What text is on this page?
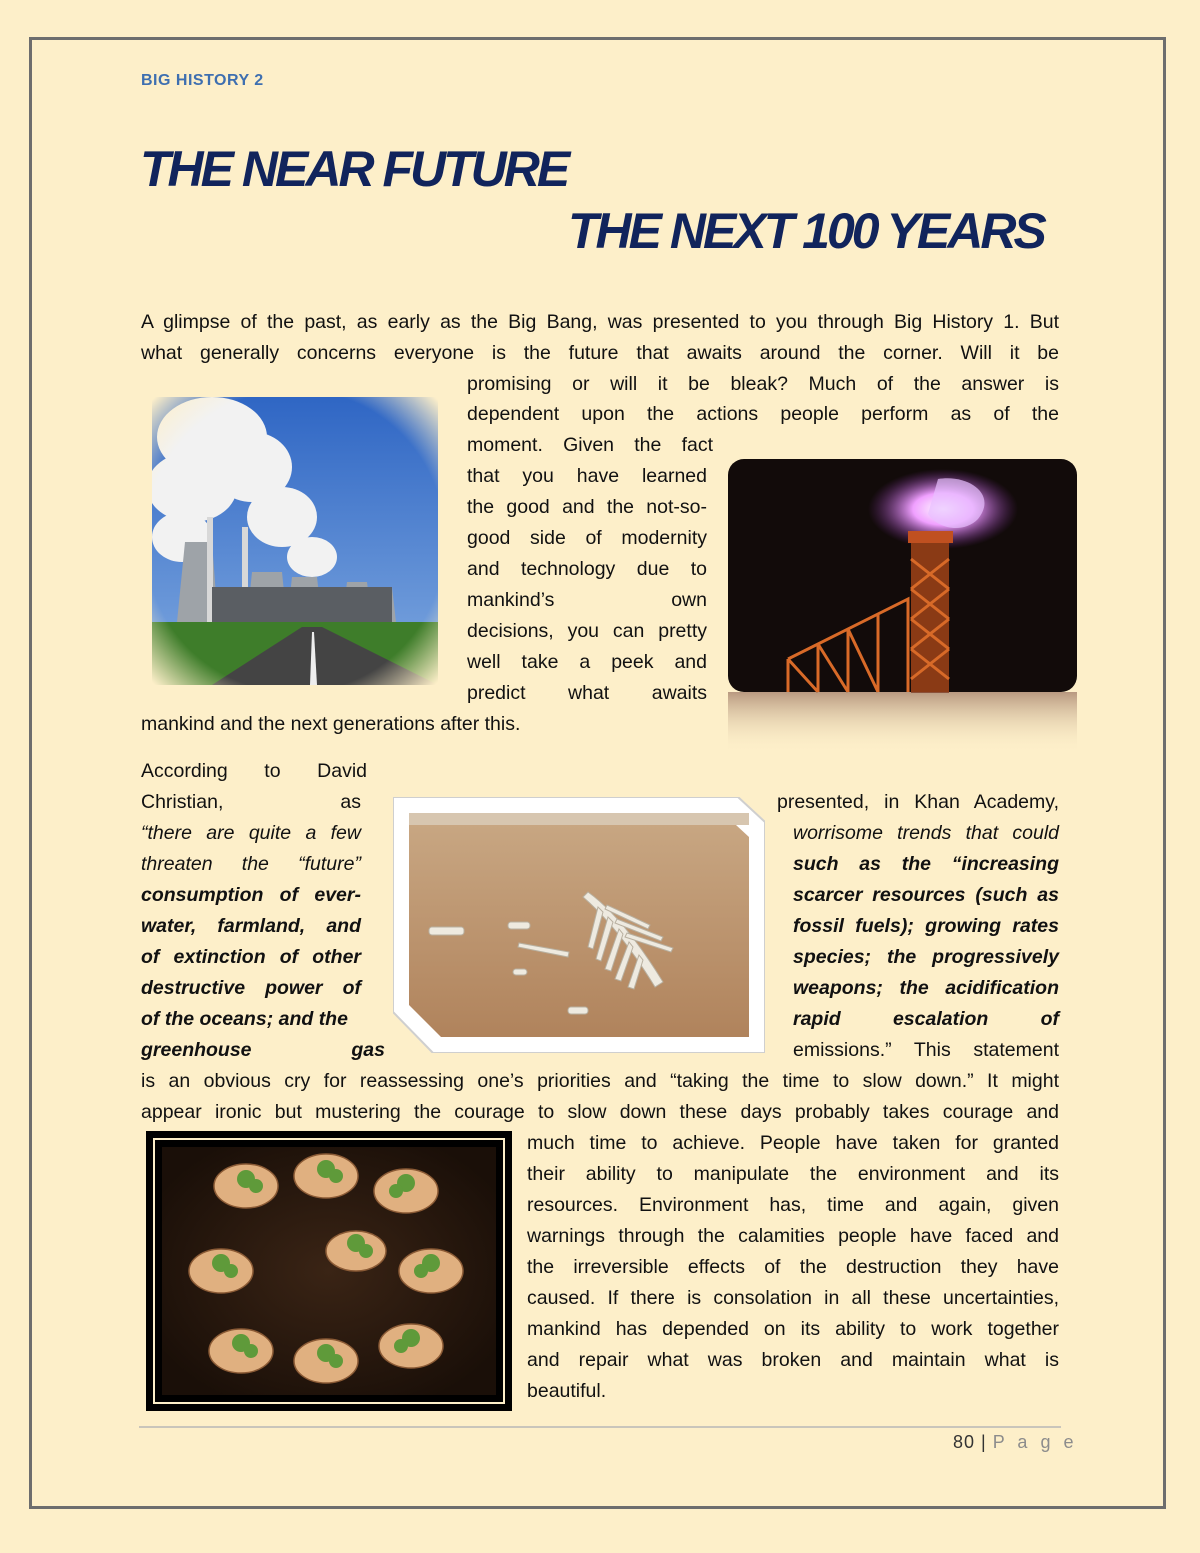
BIG HISTORY 2
THE NEAR FUTURE
THE NEXT 100 YEARS
A glimpse of the past, as early as the Big Bang, was presented to you through Big History 1. But
what generally concerns everyone is the future that awaits around the corner. Will it be
promising or will it be bleak? Much of the answer is
dependent upon the actions people perform as of the
moment. Given the fact
that you have learned
the good and the not-so-
good side of modernity
and technology due to
mankind’s own
decisions, you can pretty
well take a peek and
predict what awaits
mankind and the next generations after this.
According to David
Christian, as
“there are quite a few
threaten the “future”
consumption of ever-
water, farmland, and
of extinction of other
destructive power of
of the oceans; and the
greenhouse gas
presented, in Khan Academy,
worrisome trends that could
such as the “increasing
scarcer resources (such as
fossil fuels); growing rates
species; the progressively
weapons; the acidification
rapid escalation of
emissions.” This statement
is an obvious cry for reassessing one’s priorities and “taking the time to slow down.” It might
appear ironic but mustering the courage to slow down these days probably takes courage and
much time to achieve. People have taken for granted
their ability to manipulate the environment and its
resources. Environment has, time and again, given
warnings through the calamities people have faced and
the irreversible effects of the destruction they have
caused. If there is consolation in all these uncertainties,
mankind has depended on its ability to work together
and repair what was broken and maintain what is
beautiful.
80 | P a g e
